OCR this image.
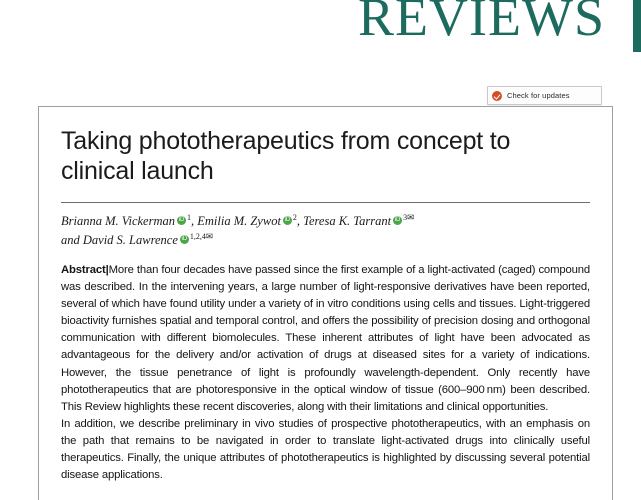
REVIEWS
Check for updates
Taking phototherapeutics from concept to clinical launch
Brianna M. Vickerman iD $^1$, Emilia M. Zywot iD $^2$, Teresa K. Tarrant iD $^{3✉}$
and David S. Lawrence iD $^{1,2,4✉}$

Abstract|More than four decades have passed since the first example of a light-activated (caged) compound was described. In the intervening years, a large number of light-responsive derivatives have been reported, several of which have found utility under a variety of in vitro conditions using cells and tissues. Light-triggered bioactivity furnishes spatial and temporal control, and offers the possibility of precision dosing and orthogonal communication with different biomolecules. These inherent attributes of light have been advocated as advantageous for the delivery and/or activation of drugs at diseased sites for a variety of indications. However, the tissue penetrance of light is profoundly wavelength-dependent. Only recently have phototherapeutics that are photoresponsive in the optical window of tissue (600–900 nm) been described. This Review highlights these recent discoveries, along with their limitations and clinical opportunities.

In addition, we describe preliminary in vivo studies of prospective phototherapeutics, with an emphasis on the path that remains to be navigated in order to translate light-activated drugs into clinically useful therapeutics. Finally, the unique attributes of phototherapeutics is highlighted by discussing several potential disease applications.
